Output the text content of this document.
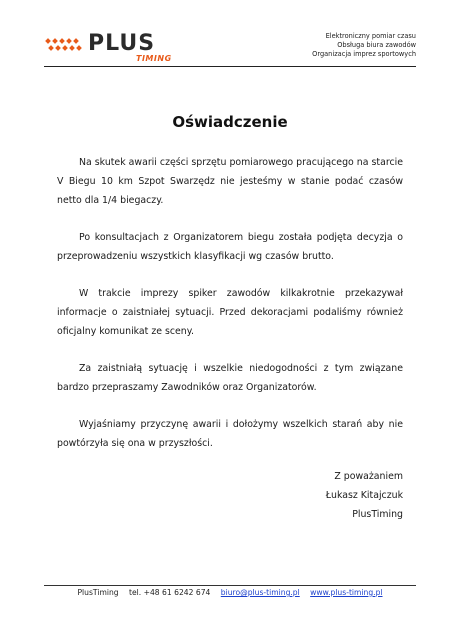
PLUS
TIMING
Elektroniczny pomiar czasu
Obsługa biura zawodów
Organizacja imprez sportowych
Oświadczenie

Na skutek awarii części sprzętu pomiarowego pracującego na starcie V Biegu 10 km Szpot Swarzędz nie jesteśmy w stanie podać czasów netto dla 1/4 biegaczy.

Po konsultacjach z Organizatorem biegu została podjęta decyzja o przeprowadzeniu wszystkich klasyfikacji wg czasów brutto.

W trakcie imprezy spiker zawodów kilkakrotnie przekazywał informacje o zaistniałej sytuacji. Przed dekoracjami podaliśmy również oficjalny komunikat ze sceny.

Za zaistniałą sytuację i wszelkie niedogodności z tym związane bardzo przepraszamy Zawodników oraz Organizatorów.

Wyjaśniamy przyczynę awarii i dołożymy wszelkich starań aby nie powtórzyła się ona w przyszłości.

Z poważaniem
Łukasz Kitajczuk
PlusTiming
PlusTiming tel. +48 61 6242 674 biuro@plus-timing.pl www.plus-timing.pl
